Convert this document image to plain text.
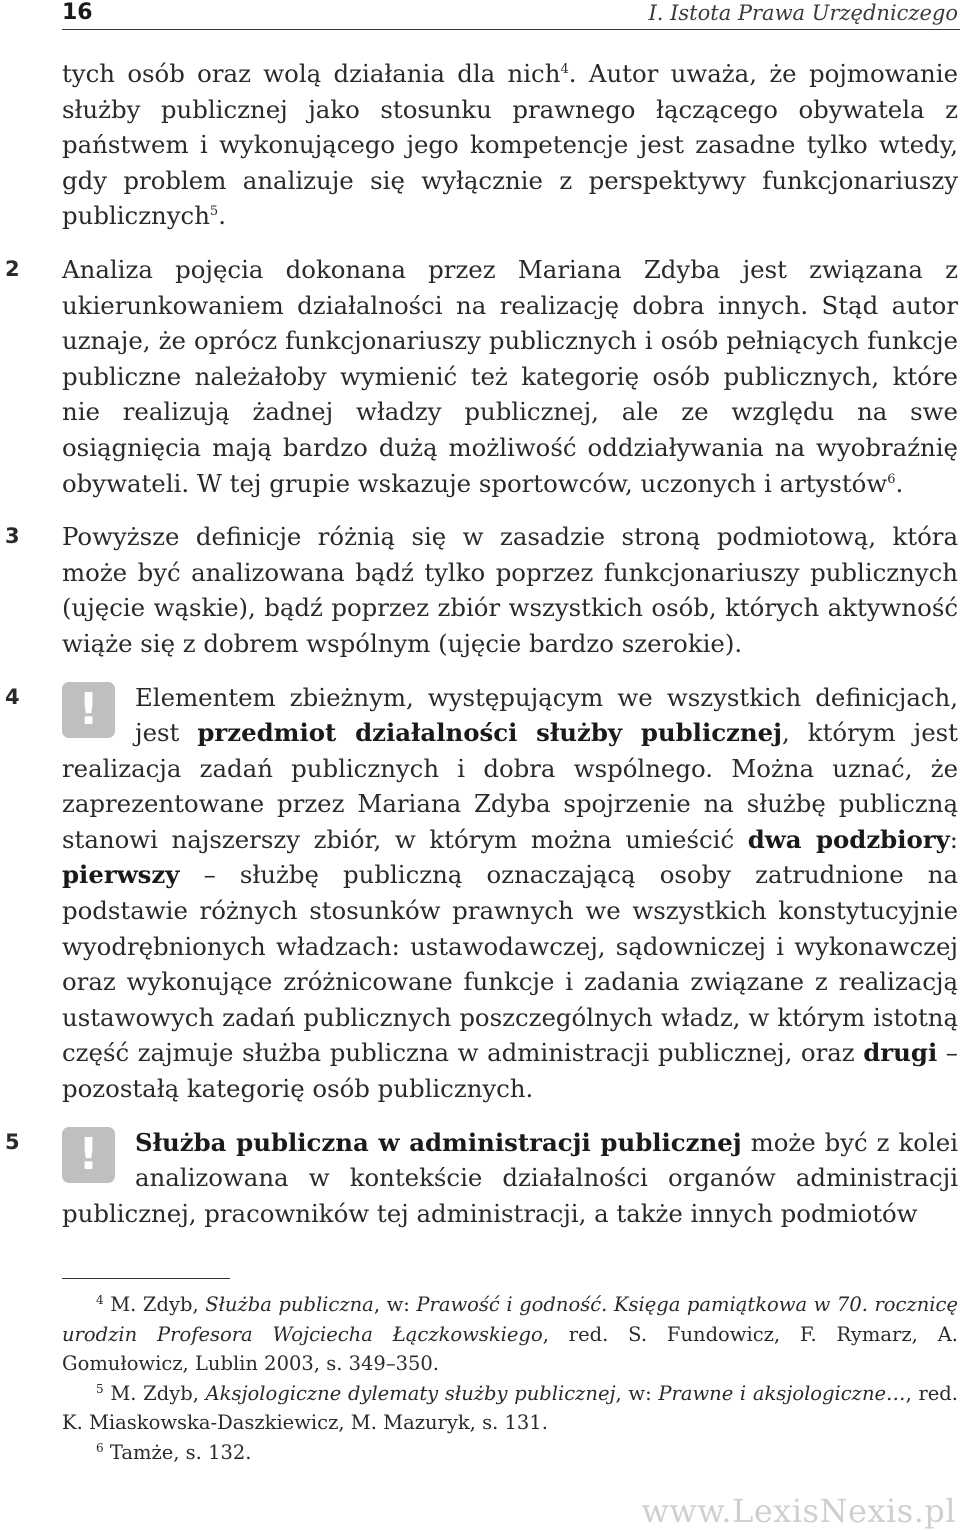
16	I. Istota Prawa Urzędniczego

tych osób oraz wolą działania dla nich$^4$. Autor uważa, że pojmowanie służby publicznej jako stosunku prawnego łączącego obywatela z państwem i wykonującego jego kompetencje jest zasadne tylko wtedy, gdy problem analizuje się wyłącznie z perspektywy funkcjonariuszy publicznych$^5$.

2 Analiza pojęcia dokonana przez Mariana Zdyba jest związana z ukierunkowaniem działalności na realizację dobra innych. Stąd autor uznaje, że oprócz funkcjonariuszy publicznych i osób pełniących funkcje publiczne należałoby wymienić też kategorię osób publicznych, które nie realizują żadnej władzy publicznej, ale ze względu na swe osiągnięcia mają bardzo dużą możliwość oddziaływania na wyobraźnię obywateli. W tej grupie wskazuje sportowców, uczonych i artystów$^6$.

3 Powyższe definicje różnią się w zasadzie stroną podmiotową, która może być analizowana bądź tylko poprzez funkcjonariuszy publicznych (ujęcie wąskie), bądź poprzez zbiór wszystkich osób, których aktywność wiąże się z dobrem wspólnym (ujęcie bardzo szerokie).

4	!	Elementem zbieżnym, występującym we wszystkich definicjach, jest przedmiot działalności służby publicznej, którym jest realizacja zadań publicznych i dobra wspólnego. Można uznać, że zaprezentowane przez Mariana Zdyba spojrzenie na służbę publiczną stanowi najszerszy zbiór, w którym można umieścić dwa podzbiory: pierwszy – służbę publiczną oznaczającą osoby zatrudnione na podstawie różnych stosunków prawnych we wszystkich konstytucyjnie wyodrębnionych władzach: ustawodawczej, sądowniczej i wykonawczej oraz wykonujące zróżnicowane funkcje i zadania związane z realizacją ustawowych zadań publicznych poszczególnych władz, w którym istotną część zajmuje służba publiczna w administracji publicznej, oraz drugi – pozostałą kategorię osób publicznych.

5	!	Służba publiczna w administracji publicznej może być z kolei analizowana w kontekście działalności organów administracji publicznej, pracowników tej administracji, a także innych podmiotów

$^4$ M. Zdyb, Służba publiczna, w: Prawość i godność. Księga pamiątkowa w 70. rocznicę urodzin Profesora Wojciecha Łączkowskiego, red. S. Fundowicz, F. Rymarz, A. Gomułowicz, Lublin 2003, s. 349–350.

$^5$ M. Zdyb, Aksjologiczne dylematy służby publicznej, w: Prawne i aksjologiczne…, red. K. Miaskowska-Daszkiewicz, M. Mazuryk, s. 131.

$^6$ Tamże, s. 132.

www.LexisNexis.pl
